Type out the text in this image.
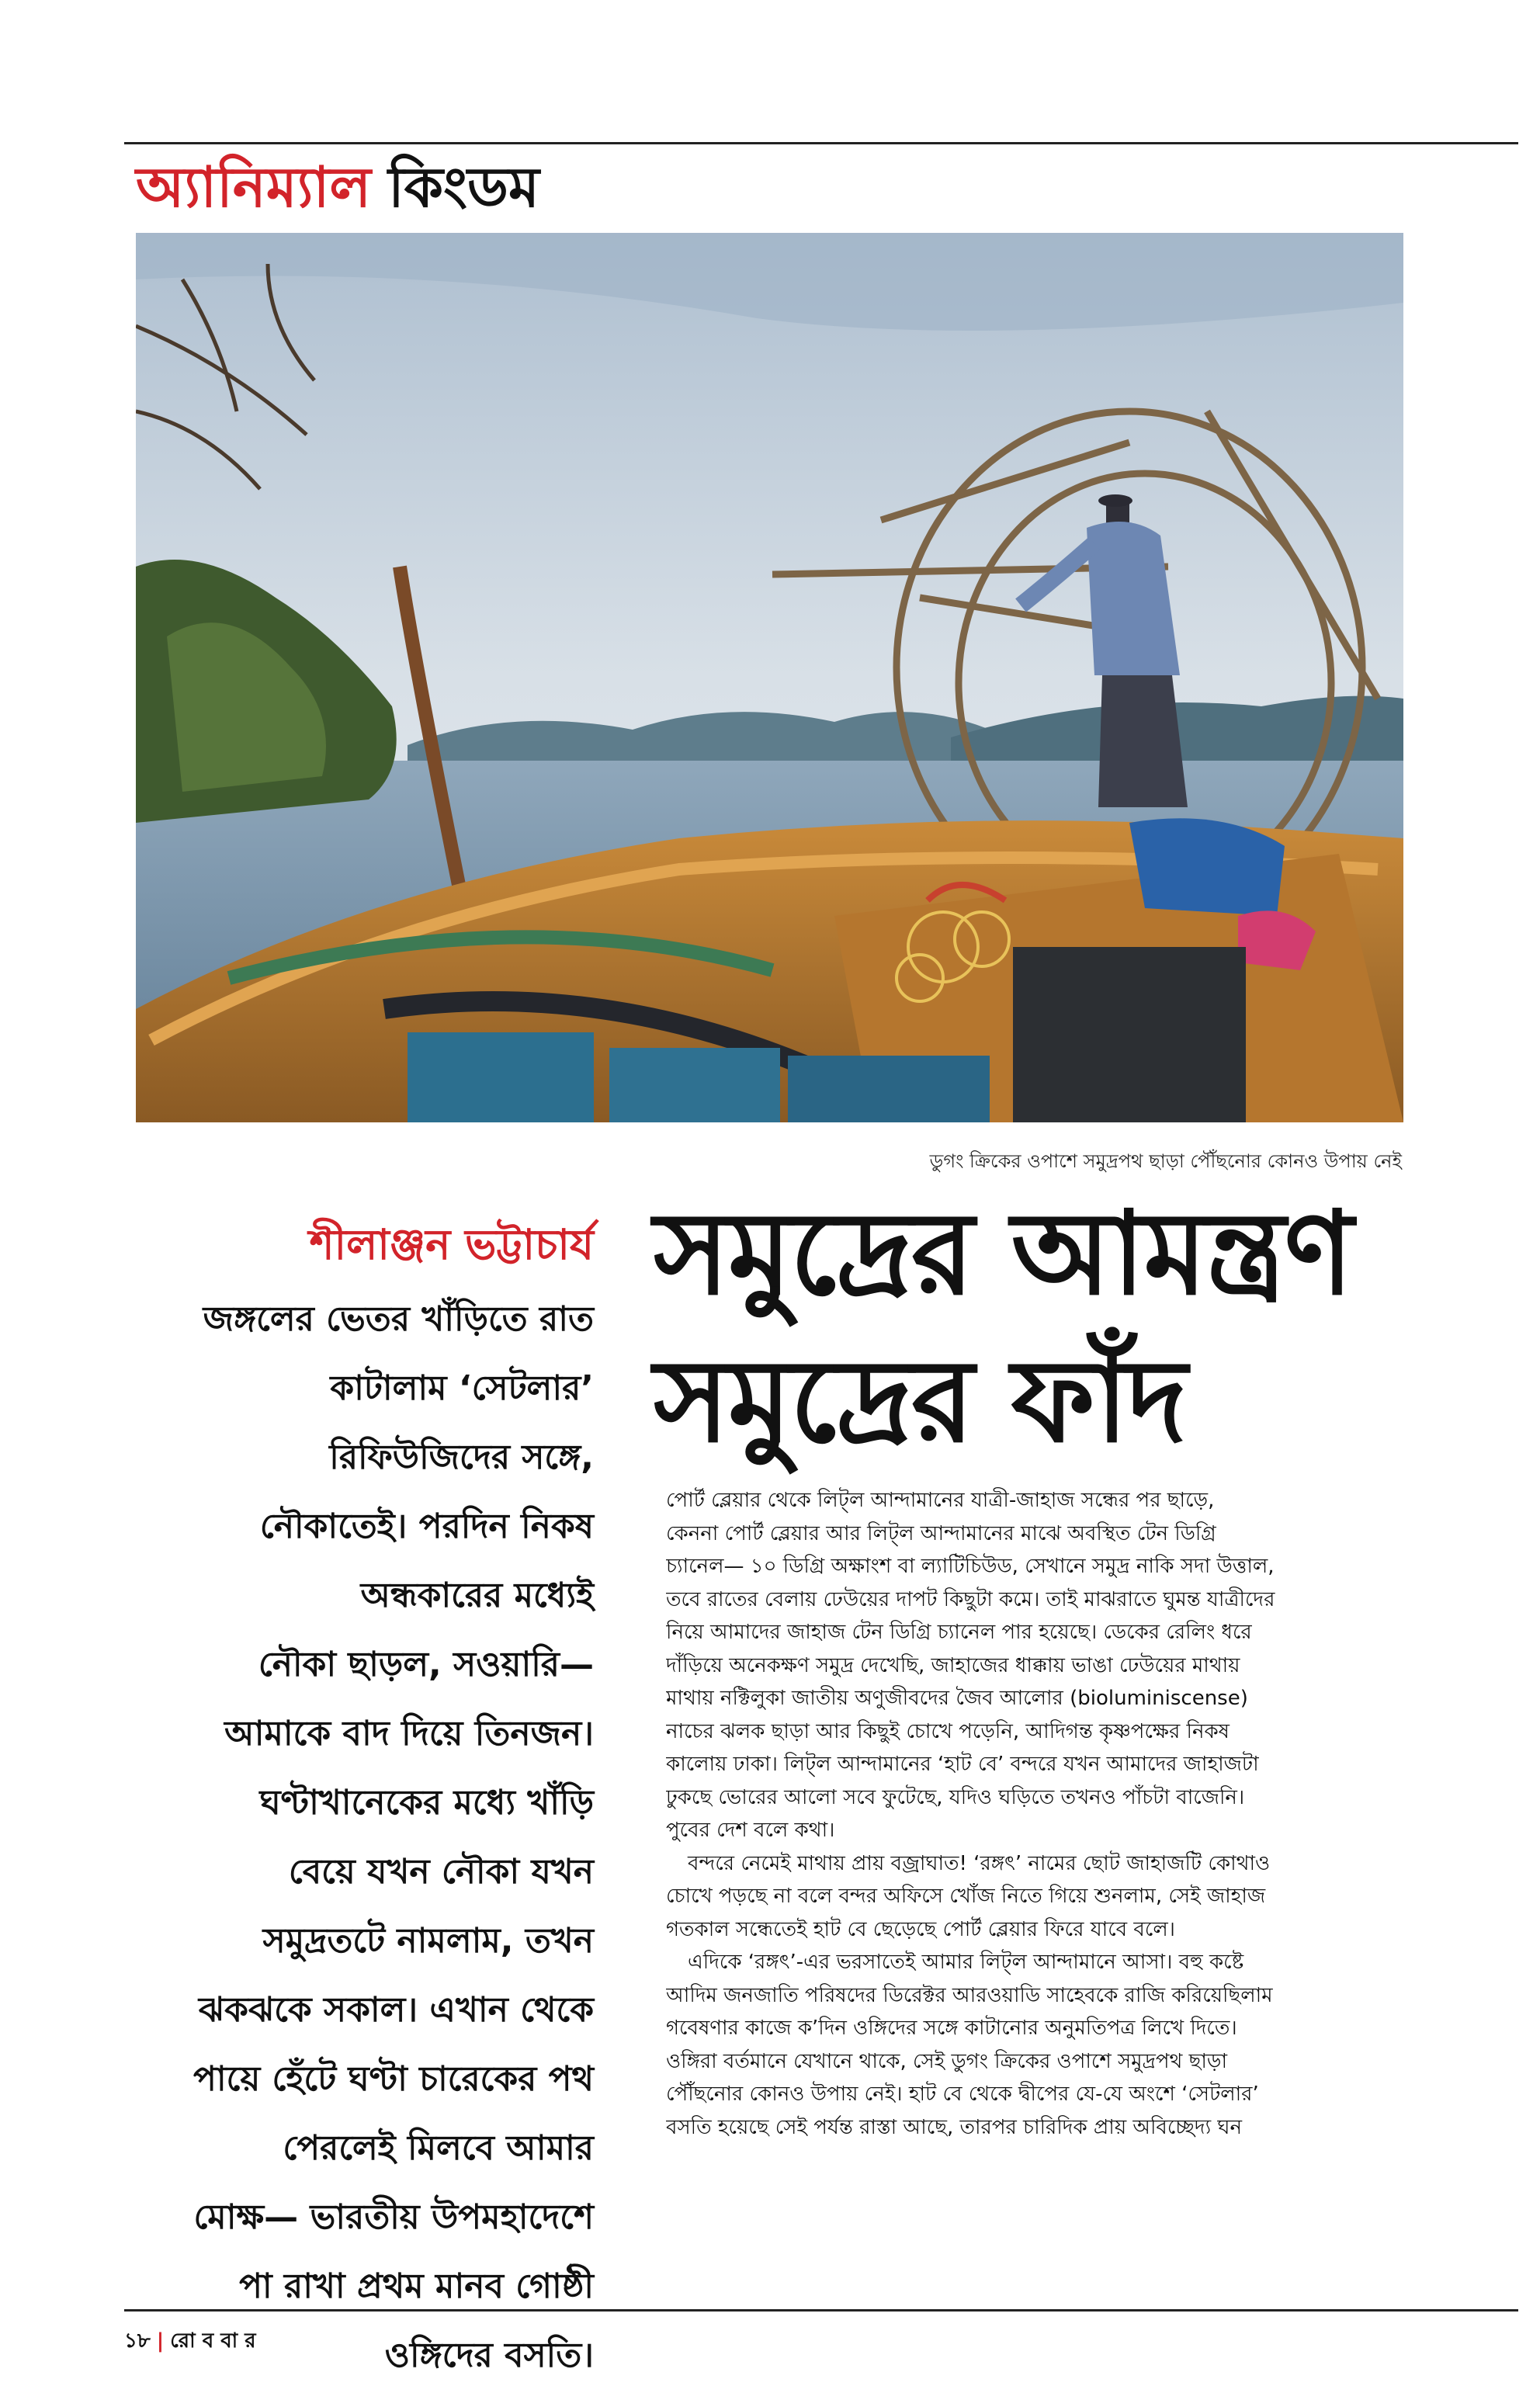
অ্যানিম্যাল কিংডম
ডুগং ক্রিকের ওপাশে সমুদ্রপথ ছাড়া পৌঁছনোর কোনও উপায় নেই
শীলাঞ্জন ভট্টাচার্য
জঙ্গলের ভেতর খাঁড়িতে রাত
কাটালাম ‘সেটলার’
রিফিউজিদের সঙ্গে,
নৌকাতেই। পরদিন নিকষ
অন্ধকারের মধ্যেই
নৌকা ছাড়ল, সওয়ারি—
আমাকে বাদ দিয়ে তিনজন।
ঘণ্টাখানেকের মধ্যে খাঁড়ি
বেয়ে যখন নৌকা যখন
সমুদ্রতটে নামলাম, তখন
ঝকঝকে সকাল। এখান থেকে
পায়ে হেঁটে ঘণ্টা চারেকের পথ
পেরলেই মিলবে আমার
মোক্ষ— ভারতীয় উপমহাদেশে
পা রাখা প্রথম মানব গোষ্ঠী
ওঙ্গিদের বসতি।
সমুদ্রের আমন্ত্রণ
সমুদ্রের ফাঁদ
পোর্ট ব্লেয়ার থেকে লিট্‌ল আন্দামানের যাত্রী-জাহাজ সন্ধের পর ছাড়ে,
কেননা পোর্ট ব্লেয়ার আর লিট্‌ল আন্দামানের মাঝে অবস্থিত টেন ডিগ্রি
চ্যানেল— ১০ ডিগ্রি অক্ষাংশ বা ল্যাটিচিউড, সেখানে সমুদ্র নাকি সদা উত্তাল,
তবে রাতের বেলায় ঢেউয়ের দাপট কিছুটা কমে। তাই মাঝরাতে ঘুমন্ত যাত্রীদের
নিয়ে আমাদের জাহাজ টেন ডিগ্রি চ্যানেল পার হয়েছে। ডেকের রেলিং ধরে
দাঁড়িয়ে অনেকক্ষণ সমুদ্র দেখেছি, জাহাজের ধাক্কায় ভাঙা ঢেউয়ের মাথায়
মাথায় নক্টিলুকা জাতীয় অণুজীবদের জৈব আলোর (bioluminiscense)
নাচের ঝলক ছাড়া আর কিছুই চোখে পড়েনি, আদিগন্ত কৃষ্ণপক্ষের নিকষ
কালোয় ঢাকা। লিট্‌ল আন্দামানের ‘হাট বে’ বন্দরে যখন আমাদের জাহাজটা
ঢুকছে ভোরের আলো সবে ফুটেছে, যদিও ঘড়িতে তখনও পাঁচটা বাজেনি।
পুবের দেশ বলে কথা।
বন্দরে নেমেই মাথায় প্রায় বজ্রাঘাত! ‘রঙ্গৎ’ নামের ছোট জাহাজটি কোথাও
চোখে পড়ছে না বলে বন্দর অফিসে খোঁজ নিতে গিয়ে শুনলাম, সেই জাহাজ
গতকাল সন্ধেতেই হাট বে ছেড়েছে পোর্ট ব্লেয়ার ফিরে যাবে বলে।
এদিকে ‘রঙ্গৎ’-এর ভরসাতেই আমার লিট্‌ল আন্দামানে আসা। বহু কষ্টে
আদিম জনজাতি পরিষদের ডিরেক্টর আরওয়াডি সাহেবকে রাজি করিয়েছিলাম
গবেষণার কাজে ক’দিন ওঙ্গিদের সঙ্গে কাটানোর অনুমতিপত্র লিখে দিতে।
ওঙ্গিরা বর্তমানে যেখানে থাকে, সেই ডুগং ক্রিকের ওপাশে সমুদ্রপথ ছাড়া
পৌঁছনোর কোনও উপায় নেই। হাট বে থেকে দ্বীপের যে-যে অংশে ‘সেটলার’
বসতি হয়েছে সেই পর্যন্ত রাস্তা আছে, তারপর চারিদিক প্রায় অবিচ্ছেদ্য ঘন
১৮ | রো ব বা র
